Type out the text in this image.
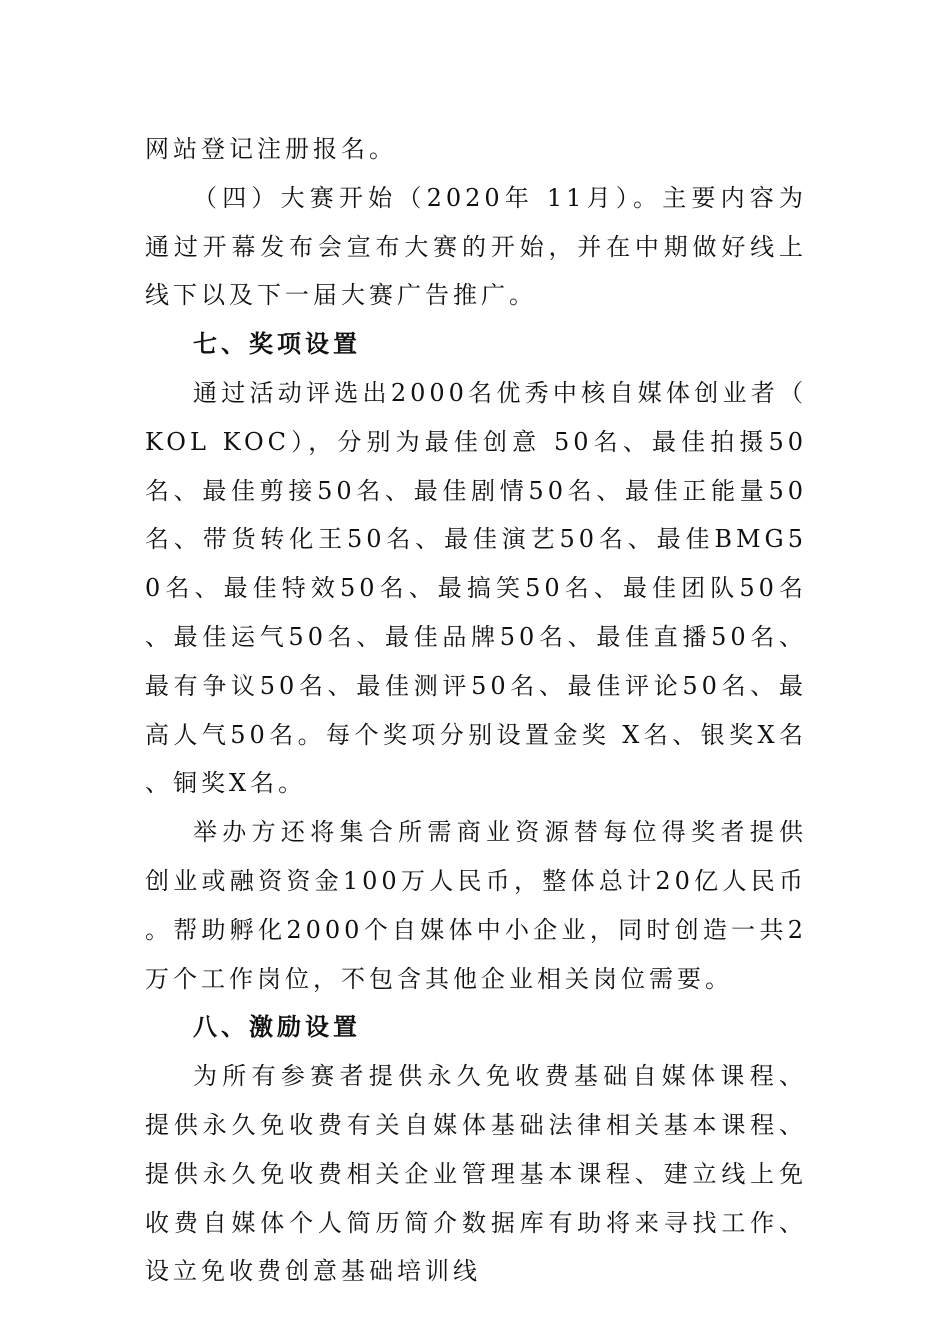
网站登记注册报名。

（四）大赛开始（2020年 11月）。主要内容为通过开幕发布会宣布大赛的开始，并在中期做好线上线下以及下一届大赛广告推广。

七、奖项设置

通过活动评选出2000名优秀中核自媒体创业者（KOL KOC），分别为最佳创意 50名、最佳拍摄50名、最佳剪接50名、最佳剧情50名、最佳正能量50名、带货转化王50名、最佳演艺50名、最佳BMG50名、最佳特效50名、最搞笑50名、最佳团队50名、最佳运气50名、最佳品牌50名、最佳直播50名、最有争议50名、最佳测评50名、最佳评论50名、最高人气50名。每个奖项分别设置金奖 X名、银奖X名、铜奖X名。

举办方还将集合所需商业资源替每位得奖者提供创业或融资资金100万人民币，整体总计20亿人民币。帮助孵化2000个自媒体中小企业，同时创造一共2万个工作岗位，不包含其他企业相关岗位需要。

八、激励设置

为所有参赛者提供永久免收费基础自媒体课程、提供永久免收费有关自媒体基础法律相关基本课程、提供永久免收费相关企业管理基本课程、建立线上免收费自媒体个人简历简介数据库有助将来寻找工作、设立免收费创意基础培训线
